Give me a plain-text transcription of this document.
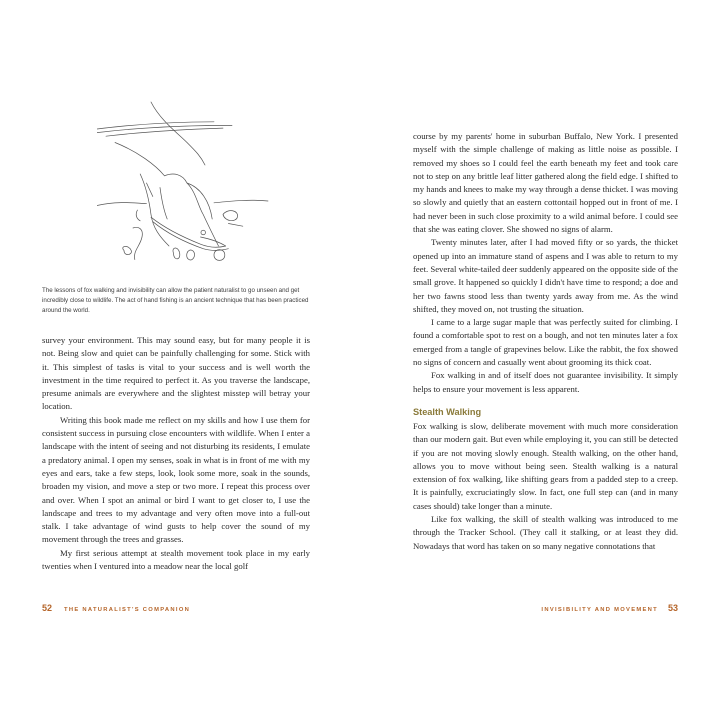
The lessons of fox walking and invisibility can allow the patient naturalist to go unseen and get incredibly close to wildlife. The act of hand fishing is an ancient technique that has been practiced around the world.

survey your environment. This may sound easy, but for many people it is not. Being slow and quiet can be painfully challenging for some. Stick with it. This simplest of tasks is vital to your success and is well worth the investment in the time required to perfect it. As you traverse the landscape, presume animals are everywhere and the slightest misstep will betray your location.

Writing this book made me reflect on my skills and how I use them for consistent success in pursuing close encounters with wildlife. When I enter a landscape with the intent of seeing and not disturbing its residents, I emulate a predatory animal. I open my senses, soak in what is in front of me with my eyes and ears, take a few steps, look, look some more, soak in the sounds, broaden my vision, and move a step or two more. I repeat this process over and over. When I spot an animal or bird I want to get closer to, I use the landscape and trees to my advantage and very often move into a full-out stalk. I take advantage of wind gusts to help cover the sound of my movement through the trees and grasses.

My first serious attempt at stealth movement took place in my early twenties when I ventured into a meadow near the local golf

52 THE NATURALIST'S COMPANION

course by my parents' home in suburban Buffalo, New York. I presented myself with the simple challenge of making as little noise as possible. I removed my shoes so I could feel the earth beneath my feet and took care not to step on any brittle leaf litter gathered along the field edge. I shifted to my hands and knees to make my way through a dense thicket. I was moving so slowly and quietly that an eastern cottontail hopped out in front of me. I had never been in such close proximity to a wild animal before. I could see that she was eating clover. She showed no signs of alarm.

Twenty minutes later, after I had moved fifty or so yards, the thicket opened up into an immature stand of aspens and I was able to return to my feet. Several white-tailed deer suddenly appeared on the opposite side of the small grove. It happened so quickly I didn't have time to respond; a doe and her two fawns stood less than twenty yards away from me. As the wind shifted, they moved on, not trusting the situation.

I came to a large sugar maple that was perfectly suited for climbing. I found a comfortable spot to rest on a bough, and not ten minutes later a fox emerged from a tangle of grapevines below. Like the rabbit, the fox showed no signs of concern and casually went about grooming its thick coat.

Fox walking in and of itself does not guarantee invisibility. It simply helps to ensure your movement is less apparent.

Stealth Walking

Fox walking is slow, deliberate movement with much more consideration than our modern gait. But even while employing it, you can still be detected if you are not moving slowly enough. Stealth walking, on the other hand, allows you to move without being seen. Stealth walking is a natural extension of fox walking, like shifting gears from a padded step to a creep. It is painfully, excruciatingly slow. In fact, one full step can (and in many cases should) take longer than a minute.

Like fox walking, the skill of stealth walking was introduced to me through the Tracker School. (They call it stalking, or at least they did. Nowadays that word has taken on so many negative connotations that

INVISIBILITY AND MOVEMENT 53
